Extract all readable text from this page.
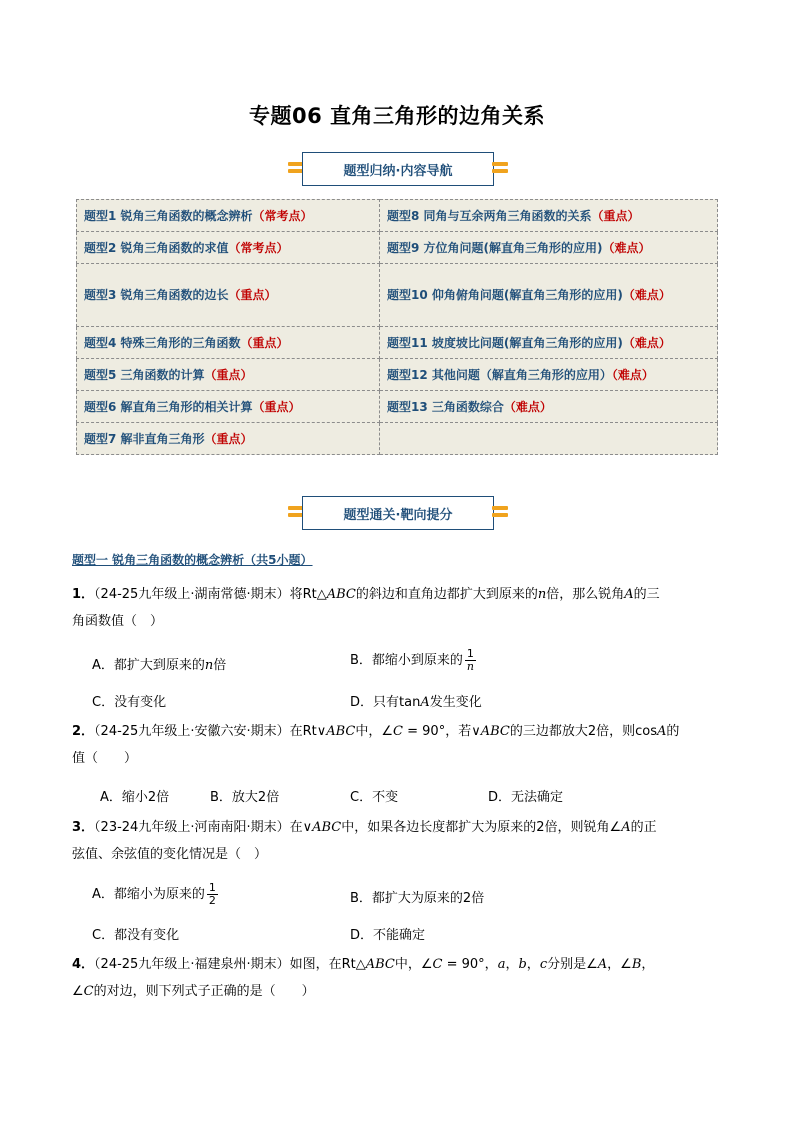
专题06 直角三角形的边角关系
题型归纳·内容导航
题型1 锐角三角函数的概念辨析（常考点）	题型8 同角与互余两角三角函数的关系（重点）
题型2 锐角三角函数的求值（常考点）	题型9 方位角问题(解直角三角形的应用)（难点）
题型3 锐角三角函数的边长（重点）	题型10 仰角俯角问题(解直角三角形的应用)（难点）
题型4 特殊三角形的三角函数（重点）	题型11 坡度坡比问题(解直角三角形的应用)（难点）
题型5 三角函数的计算（重点）	题型12 其他问题（解直角三角形的应用）（难点）
题型6 解直角三角形的相关计算（重点）	题型13 三角函数综合（难点）
题型7 解非直角三角形（重点）	
题型通关·靶向提分
题型一 锐角三角函数的概念辨析（共5小题）
1．（24-25九年级上·湖南常德·期末）将Rt△ABC的斜边和直角边都扩大到原来的n倍，那么锐角A的三
角函数值（　）
A．都扩大到原来的n倍	B．都缩小到原来的 $\frac{1}{n}$
C．没有变化	D．只有tanA发生变化
2．（24-25九年级上·安徽六安·期末）在Rt∨ABC中，∠C = 90°，若∨ABC的三边都放大2倍，则cosA的
值（　　）
A．缩小2倍	B．放大2倍	C．不变	D．无法确定
3．（23-24九年级上·河南南阳·期末）在∨ABC中，如果各边长度都扩大为原来的2倍，则锐角∠A的正
弦值、余弦值的变化情况是（　）
A．都缩小为原来的 $\frac{1}{2}$	B．都扩大为原来的2倍
C．都没有变化	D．不能确定
4．（24-25九年级上·福建泉州·期末）如图，在Rt△ABC中，∠C = 90°，a，b，c分别是∠A，∠B，
∠C的对边，则下列式子正确的是（　　）
